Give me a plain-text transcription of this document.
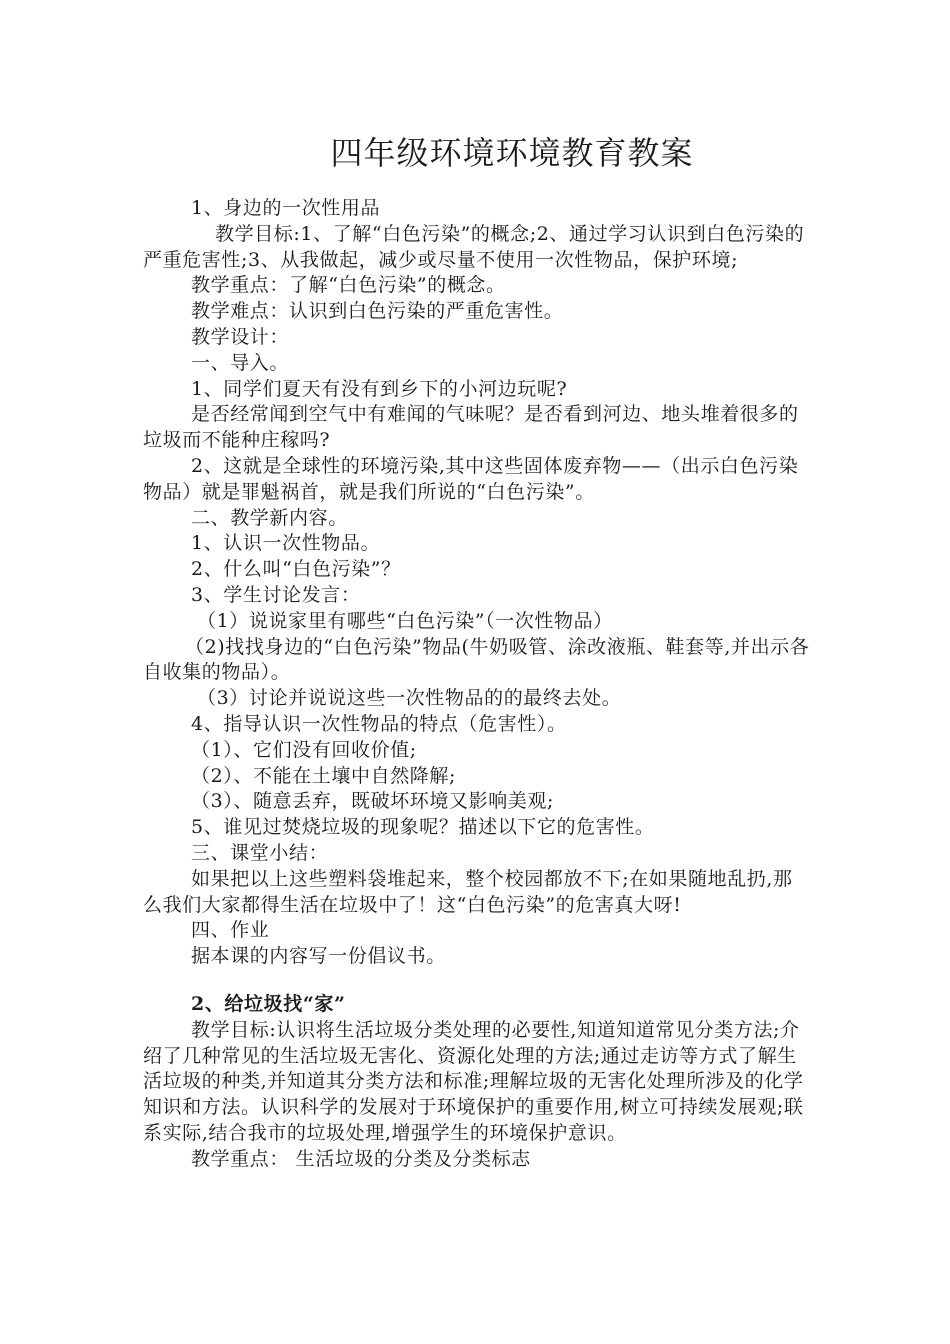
四年级环境环境教育教案

1、身边的一次性用品

教学目标:1、了解“白色污染”的概念;2、通过学习认识到白色污染的严重危害性;3、从我做起，减少或尽量不使用一次性物品，保护环境;

教学重点：了解“白色污染”的概念。

教学难点：认识到白色污染的严重危害性。

教学设计：

一、导入。

1、同学们夏天有没有到乡下的小河边玩呢?

是否经常闻到空气中有难闻的气味呢？是否看到河边、地头堆着很多的垃圾而不能种庄稼吗?

2、这就是全球性的环境污染,其中这些固体废弃物——（出示白色污染物品）就是罪魁祸首，就是我们所说的“白色污染”。

二、教学新内容。

1、认识一次性物品。

2、什么叫“白色污染”？

3、学生讨论发言：

（1）说说家里有哪些“白色污染”（一次性物品）

（2)找找身边的“白色污染”物品(牛奶吸管、涂改液瓶、鞋套等,并出示各自收集的物品）。

（3）讨论并说说这些一次性物品的的最终去处。

4、指导认识一次性物品的特点（危害性）。

（1）、它们没有回收价值;

（2）、不能在土壤中自然降解;

（3）、随意丢弃，既破坏环境又影响美观;

5、谁见过焚烧垃圾的现象呢？描述以下它的危害性。

三、课堂小结：

如果把以上这些塑料袋堆起来，整个校园都放不下;在如果随地乱扔,那么我们大家都得生活在垃圾中了！这“白色污染”的危害真大呀!

四、作业

据本课的内容写一份倡议书。

2、给垃圾找“家”

教学目标:认识将生活垃圾分类处理的必要性,知道知道常见分类方法;介绍了几种常见的生活垃圾无害化、资源化处理的方法;通过走访等方式了解生活垃圾的种类,并知道其分类方法和标准;理解垃圾的无害化处理所涉及的化学知识和方法。认识科学的发展对于环境保护的重要作用,树立可持续发展观;联系实际,结合我市的垃圾处理,增强学生的环境保护意识。

教学重点： 生活垃圾的分类及分类标志
